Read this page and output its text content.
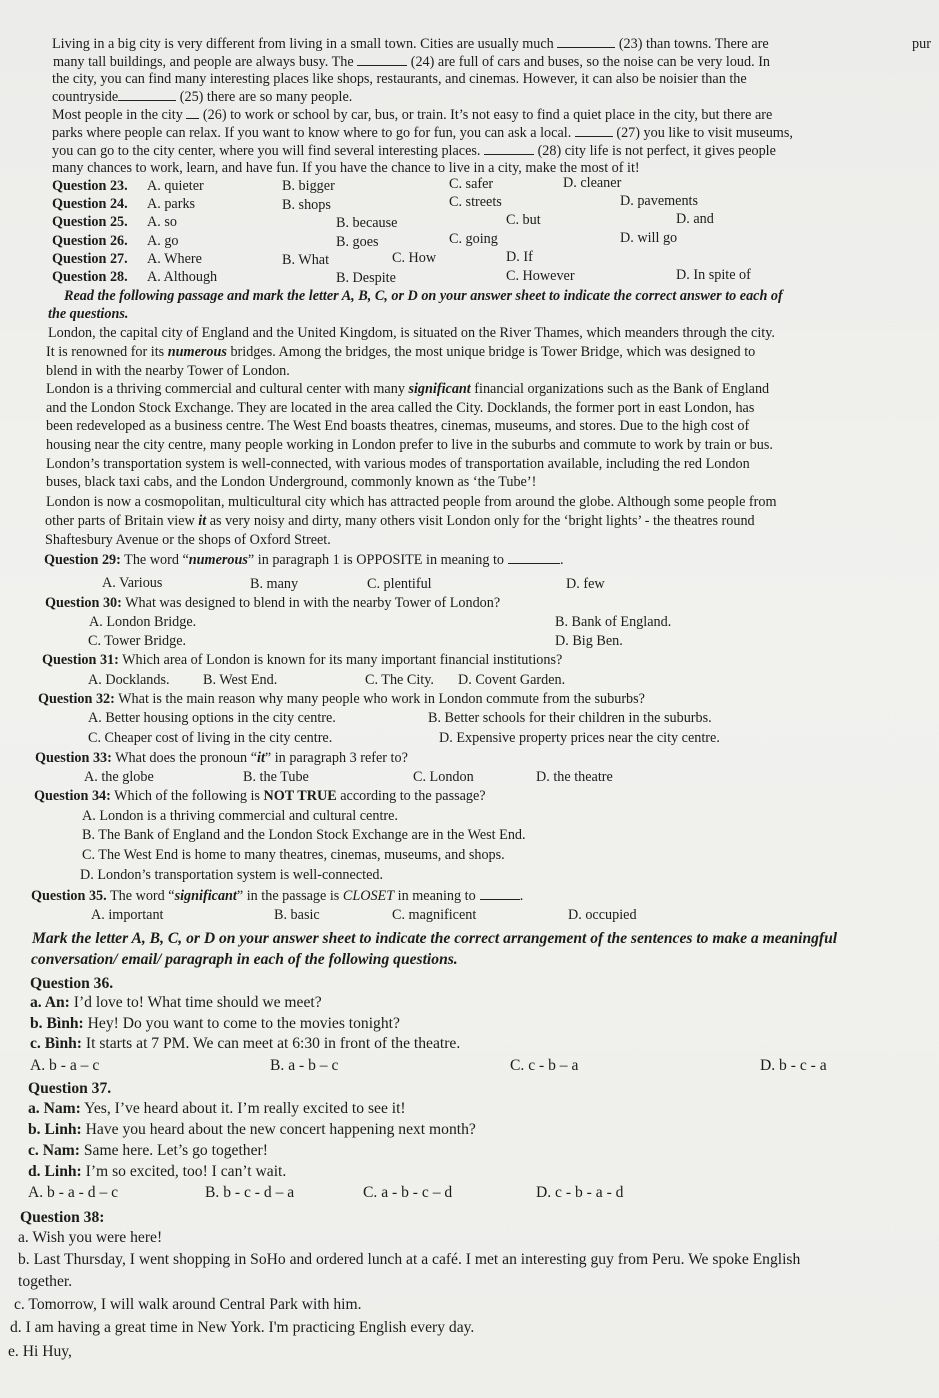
Living in a big city is very different from living in a small town. Cities are usually much	(23) than towns. There are	pur
many tall buildings, and people are always busy. The	(24) are full of cars and buses, so the noise can be very loud. In
the city, you can find many interesting places like shops, restaurants, and cinemas. However, it can also be noisier than the
countryside	(25) there are so many people.
Most people in the city (26) to work or school by car, bus, or train. It’s not easy to find a quiet place in the city, but there are
parks where people can relax. If you want to know where to go for fun, you can ask a local.	(27) you like to visit museums,
you can go to the city center, where you will find several interesting places.	(28) city life is not perfect, it gives people
many chances to work, learn, and have fun. If you have the chance to live in a city, make the most of it!
Question 23. A. quieter	B. bigger	C. safer	D. cleaner
Question 24. A. parks	B. shops	C. streets	D. pavements
Question 25. A. so	B. because	C. but	D. and
Question 26. A. go	B. goes	C. going	D. will go
Question 27. A. Where	B. What	C. How	D. If
Question 28. A. Although	B. Despite	C. However	D. In spite of
Read the following passage and mark the letter A, B, C, or D on your answer sheet to indicate the correct answer to each of
the questions.
London, the capital city of England and the United Kingdom, is situated on the River Thames, which meanders through the city.
It is renowned for its numerous bridges. Among the bridges, the most unique bridge is Tower Bridge, which was designed to
blend in with the nearby Tower of London.
London is a thriving commercial and cultural center with many significant financial organizations such as the Bank of England
and the London Stock Exchange. They are located in the area called the City. Docklands, the former port in east London, has
been redeveloped as a business centre. The West End boasts theatres, cinemas, museums, and stores. Due to the high cost of
housing near the city centre, many people working in London prefer to live in the suburbs and commute to work by train or bus.
London’s transportation system is well-connected, with various modes of transportation available, including the red London
buses, black taxi cabs, and the London Underground, commonly known as ‘the Tube’!
London is now a cosmopolitan, multicultural city which has attracted people from around the globe. Although some people from
other parts of Britain view it as very noisy and dirty, many others visit London only for the ‘bright lights’ - the theatres round
Shaftesbury Avenue or the shops of Oxford Street.
Question 29: The word “numerous” in paragraph 1 is OPPOSITE in meaning to	.
A. Various	B. many	C. plentiful	D. few
Question 30: What was designed to blend in with the nearby Tower of London?
A. London Bridge.	B. Bank of England.
C. Tower Bridge.	D. Big Ben.
Question 31: Which area of London is known for its many important financial institutions?
A. Docklands. B. West End.	C. The City. D. Covent Garden.
Question 32: What is the main reason why many people who work in London commute from the suburbs?
A. Better housing options in the city centre.	B. Better schools for their children in the suburbs.
C. Cheaper cost of living in the city centre.	D. Expensive property prices near the city centre.
Question 33: What does the pronoun “it” in paragraph 3 refer to?
A. the globe	B. the Tube	C. London	D. the theatre
Question 34: Which of the following is NOT TRUE according to the passage?
A. London is a thriving commercial and cultural centre.
B. The Bank of England and the London Stock Exchange are in the West End.
C. The West End is home to many theatres, cinemas, museums, and shops.
D. London’s transportation system is well-connected.
Question 35. The word “significant” in the passage is CLOSET in meaning to	.
A. important	B. basic	C. magnificent	D. occupied
Mark the letter A, B, C, or D on your answer sheet to indicate the correct arrangement of the sentences to make a meaningful
conversation/ email/ paragraph in each of the following questions.
Question 36.
a. An: I’d love to! What time should we meet?
b. Bình: Hey! Do you want to come to the movies tonight?
c. Bình: It starts at 7 PM. We can meet at 6:30 in front of the theatre.
A. b - a – c	B. a - b – c	C. c - b – a	D. b - c - a
Question 37.
a. Nam: Yes, I’ve heard about it. I’m really excited to see it!
b. Linh: Have you heard about the new concert happening next month?
c. Nam: Same here. Let’s go together!
d. Linh: I’m so excited, too! I can’t wait.
A. b - a - d – c	B. b - c - d – a	C. a - b - c – d	D. c - b - a - d
Question 38:
a. Wish you were here!
b. Last Thursday, I went shopping in SoHo and ordered lunch at a café. I met an interesting guy from Peru. We spoke English
together.
c. Tomorrow, I will walk around Central Park with him.
d. I am having a great time in New York. I'm practicing English every day.
e. Hi Huy,
